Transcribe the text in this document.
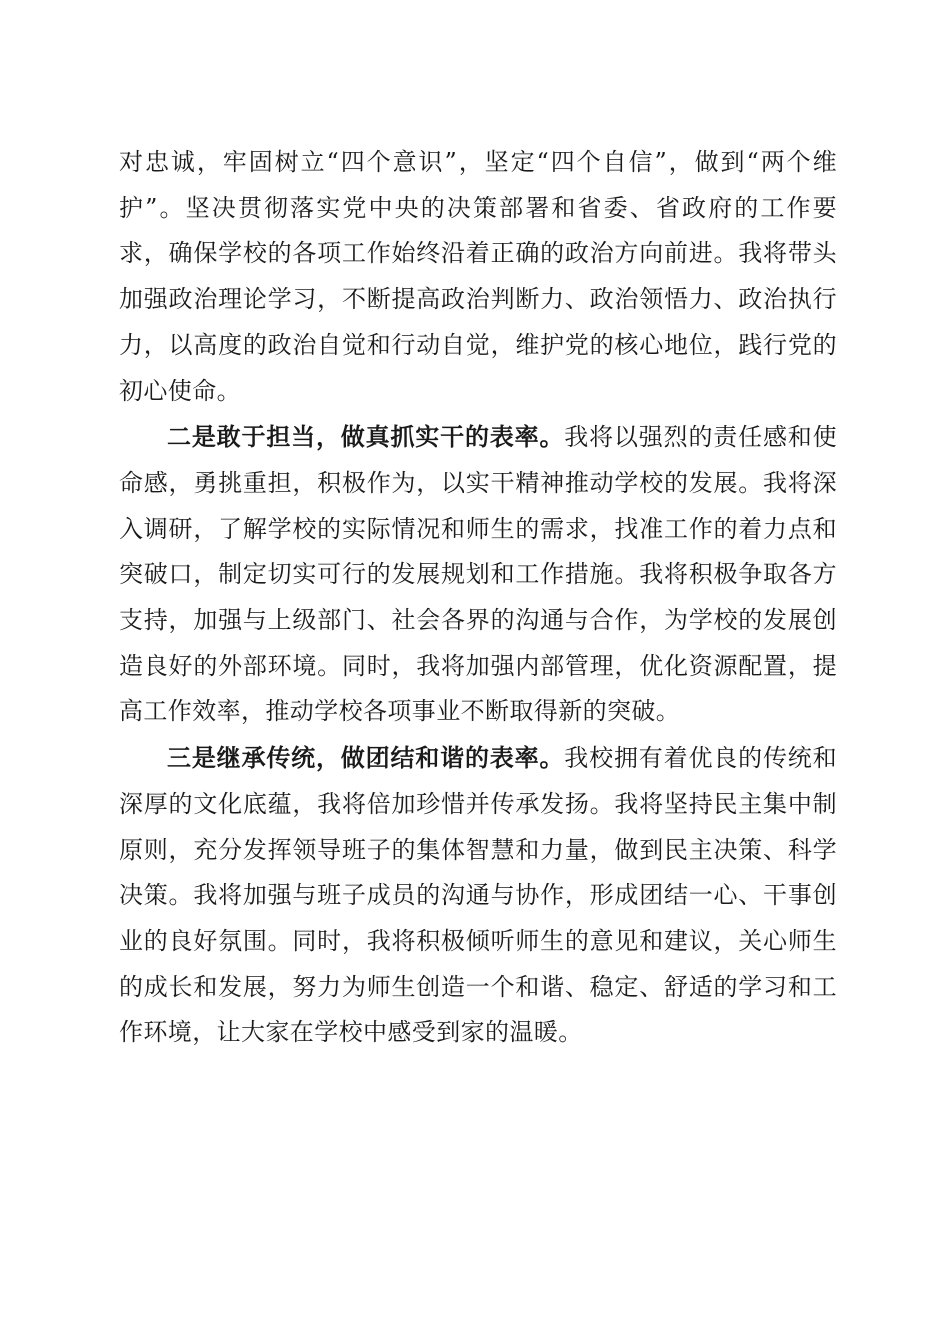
对忠诚，牢固树立“四个意识”，坚定“四个自信”，做到“两个维护”。坚决贯彻落实党中央的决策部署和省委、省政府的工作要求，确保学校的各项工作始终沿着正确的政治方向前进。我将带头加强政治理论学习，不断提高政治判断力、政治领悟力、政治执行力，以高度的政治自觉和行动自觉，维护党的核心地位，践行党的初心使命。

二是敢于担当，做真抓实干的表率。我将以强烈的责任感和使命感，勇挑重担，积极作为，以实干精神推动学校的发展。我将深入调研，了解学校的实际情况和师生的需求，找准工作的着力点和突破口，制定切实可行的发展规划和工作措施。我将积极争取各方支持，加强与上级部门、社会各界的沟通与合作，为学校的发展创造良好的外部环境。同时，我将加强内部管理，优化资源配置，提高工作效率，推动学校各项事业不断取得新的突破。

三是继承传统，做团结和谐的表率。我校拥有着优良的传统和深厚的文化底蕴，我将倍加珍惜并传承发扬。我将坚持民主集中制原则，充分发挥领导班子的集体智慧和力量，做到民主决策、科学决策。我将加强与班子成员的沟通与协作，形成团结一心、干事创业的良好氛围。同时，我将积极倾听师生的意见和建议，关心师生的成长和发展，努力为师生创造一个和谐、稳定、舒适的学习和工作环境，让大家在学校中感受到家的温暖。
